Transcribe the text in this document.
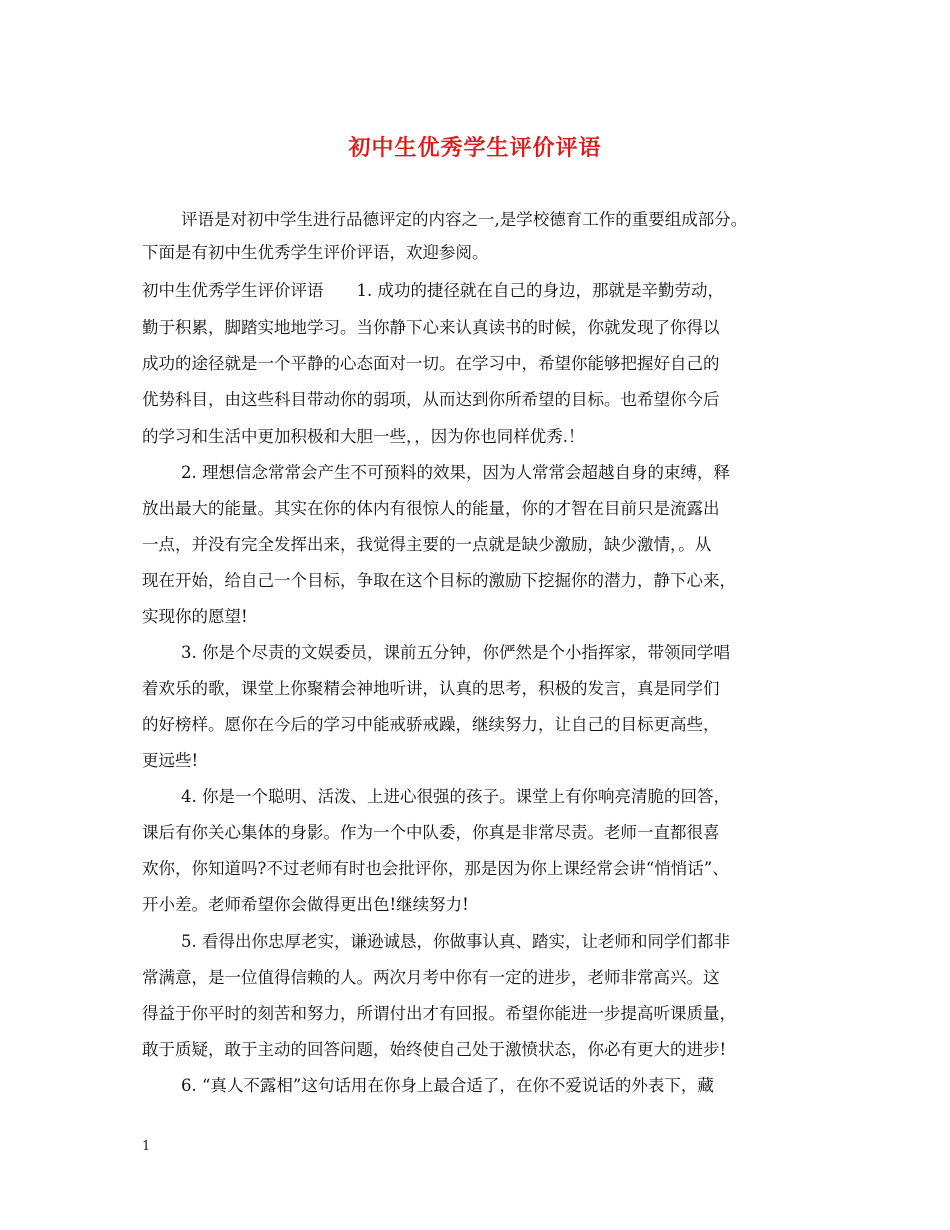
初中生优秀学生评价评语
评语是对初中学生进行品德评定的内容之一,是学校德育工作的重要组成部分。
下面是有初中生优秀学生评价评语，欢迎参阅。
初中生优秀学生评价评语　　1. 成功的捷径就在自己的身边，那就是辛勤劳动，
勤于积累，脚踏实地地学习。当你静下心来认真读书的时候，你就发现了你得以
成功的途径就是一个平静的心态面对一切。在学习中，希望你能够把握好自己的
优势科目，由这些科目带动你的弱项，从而达到你所希望的目标。也希望你今后
的学习和生活中更加积极和大胆一些，，因为你也同样优秀.！
2. 理想信念常常会产生不可预料的效果，因为人常常会超越自身的束缚，释
放出最大的能量。其实在你的体内有很惊人的能量，你的才智在目前只是流露出
一点，并没有完全发挥出来，我觉得主要的一点就是缺少激励，缺少激情，。从
现在开始，给自己一个目标，争取在这个目标的激励下挖掘你的潜力，静下心来，
实现你的愿望!
3. 你是个尽责的文娱委员，课前五分钟，你俨然是个小指挥家，带领同学唱
着欢乐的歌，课堂上你聚精会神地听讲，认真的思考，积极的发言，真是同学们
的好榜样。愿你在今后的学习中能戒骄戒躁，继续努力，让自己的目标更高些，
更远些!
4. 你是一个聪明、活泼、上进心很强的孩子。课堂上有你响亮清脆的回答，
课后有你关心集体的身影。作为一个中队委，你真是非常尽责。老师一直都很喜
欢你，你知道吗?不过老师有时也会批评你，那是因为你上课经常会讲“悄悄话”、
开小差。老师希望你会做得更出色!继续努力!
5. 看得出你忠厚老实，谦逊诚恳，你做事认真、踏实，让老师和同学们都非
常满意，是一位值得信赖的人。两次月考中你有一定的进步，老师非常高兴。这
得益于你平时的刻苦和努力，所谓付出才有回报。希望你能进一步提高听课质量，
敢于质疑，敢于主动的回答问题，始终使自己处于激愤状态，你必有更大的进步!
6. “真人不露相”这句话用在你身上最合适了，在你不爱说话的外表下，藏
1
